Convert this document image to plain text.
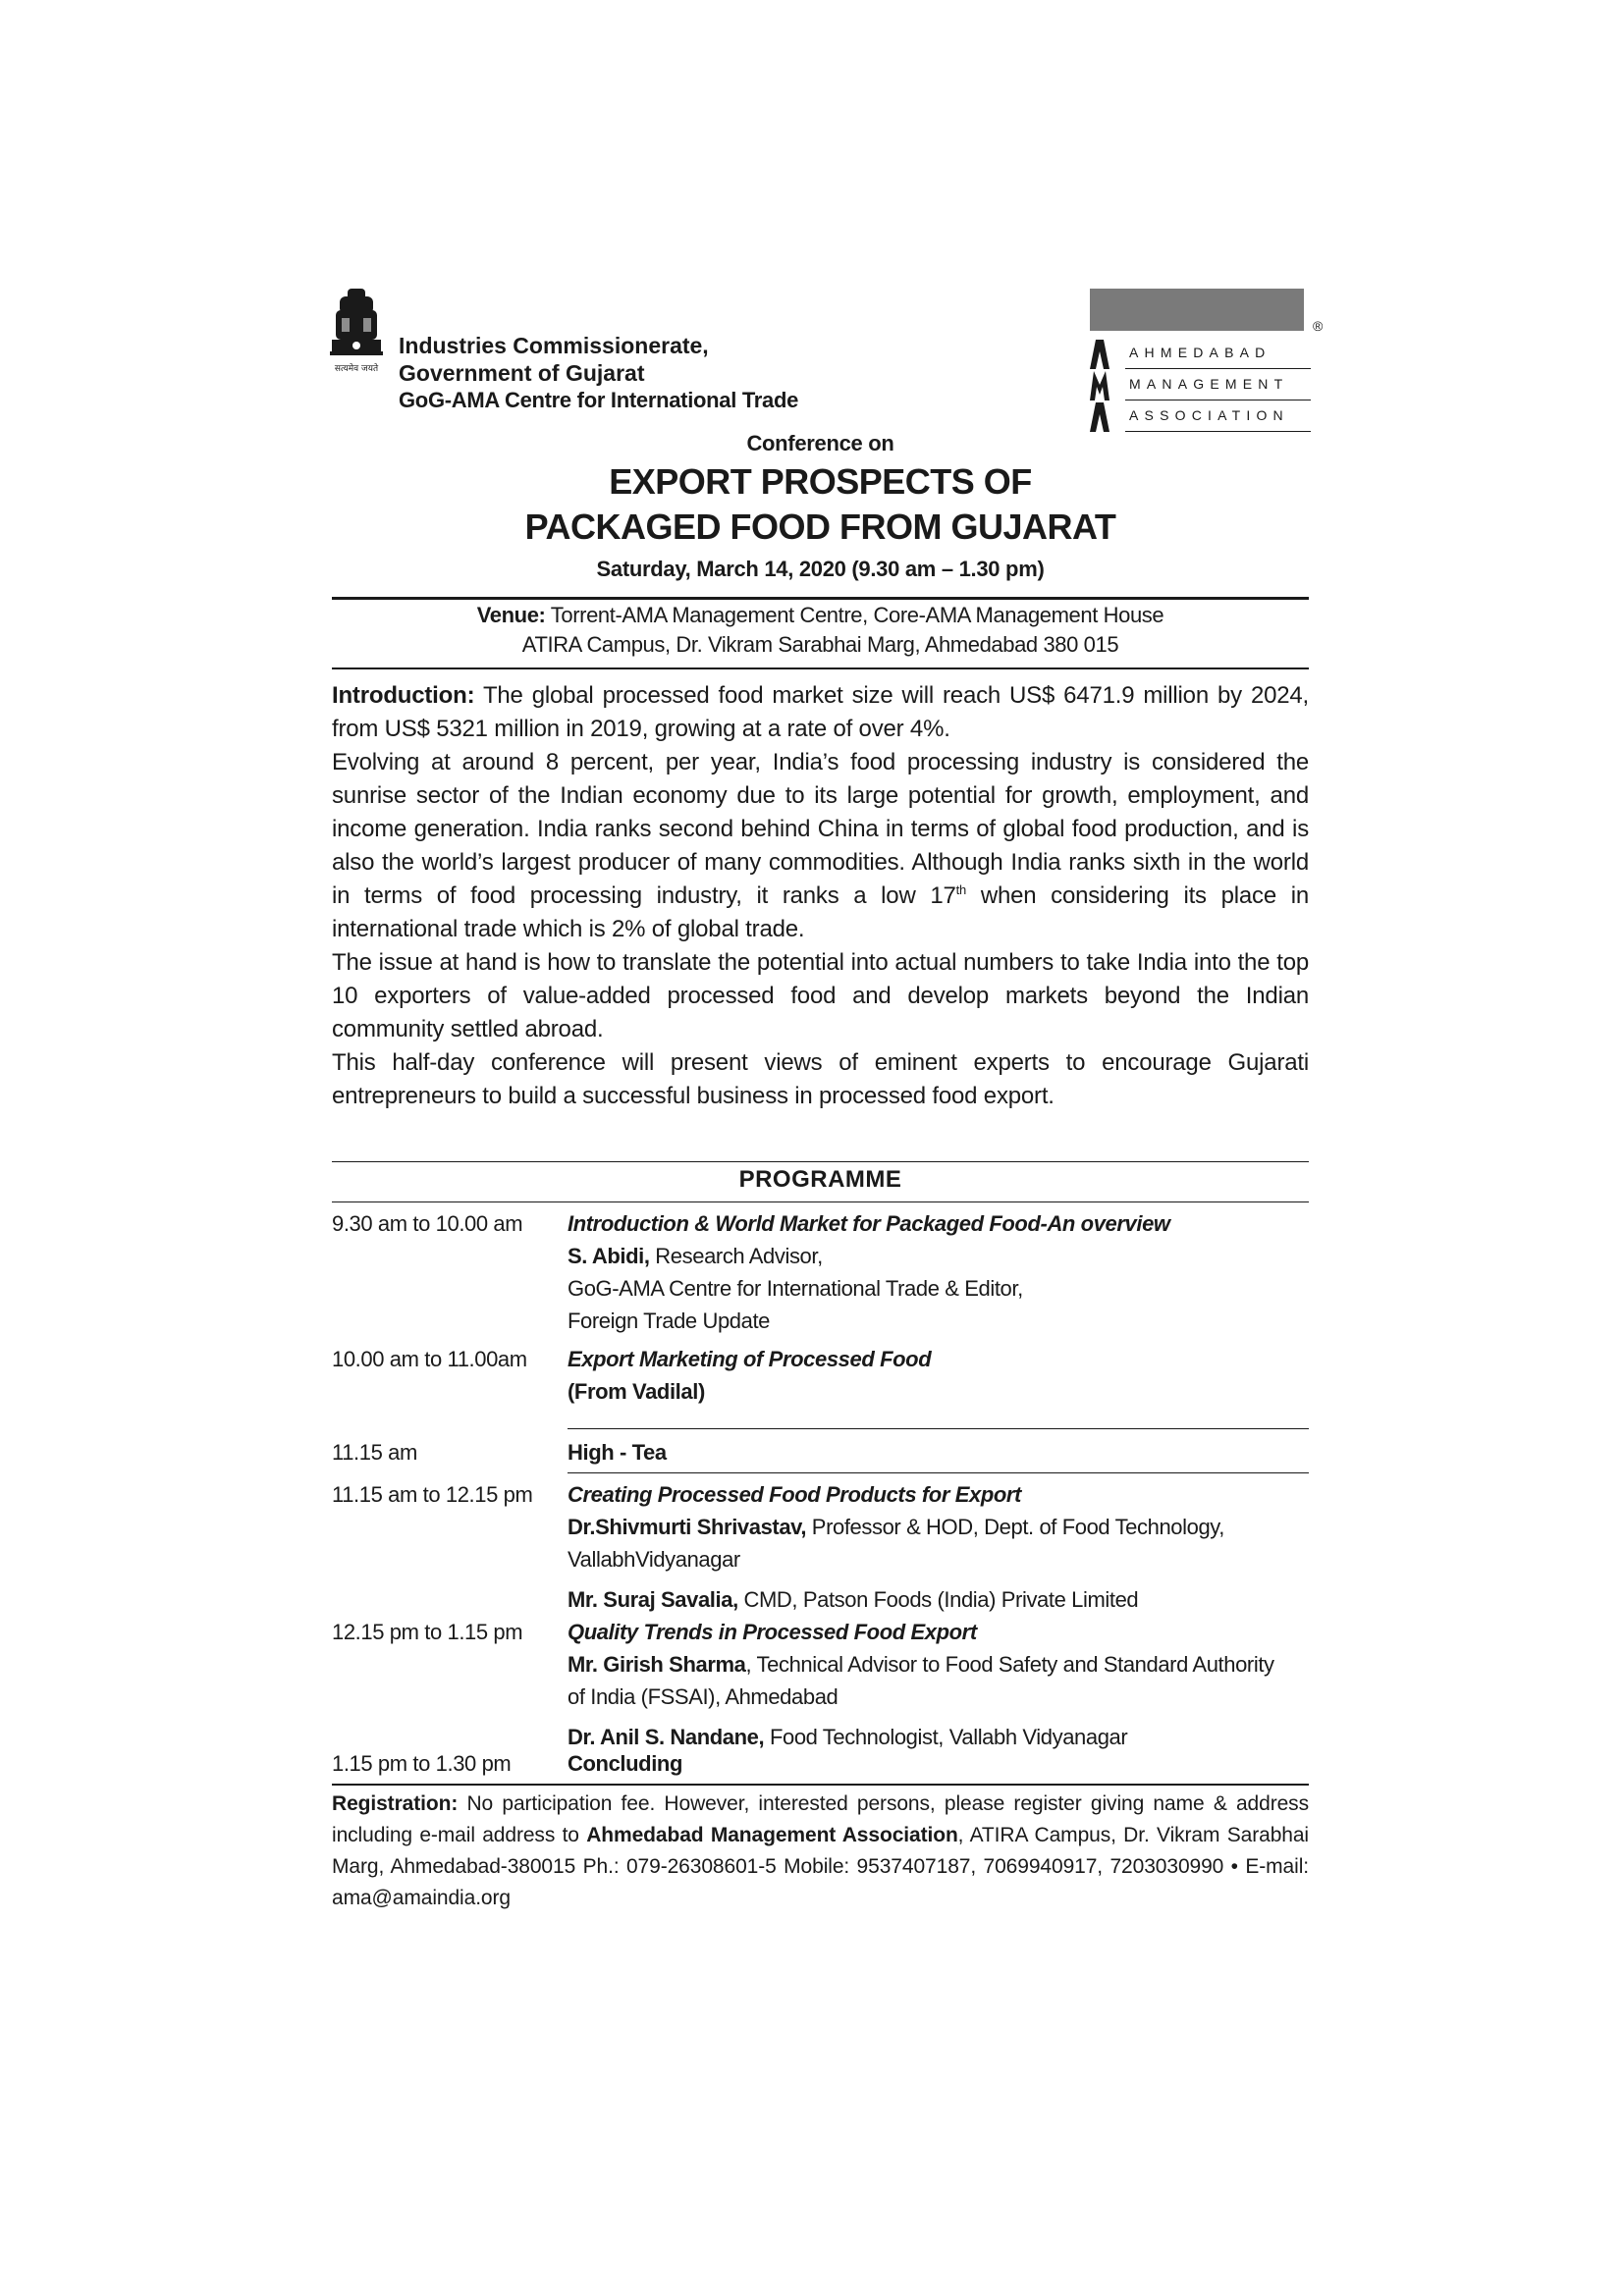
सत्यमेव जयते
Industries Commissionerate,
Government of Gujarat
GoG-AMA Centre for International Trade
®
AHMEDABAD
MANAGEMENT
ASSOCIATION
Conference on
EXPORT PROSPECTS OF
PACKAGED FOOD FROM GUJARAT
Saturday, March 14, 2020 (9.30 am – 1.30 pm)
Venue: Torrent-AMA Management Centre, Core-AMA Management House
ATIRA Campus, Dr. Vikram Sarabhai Marg, Ahmedabad 380 015

Introduction: The global processed food market size will reach US$ 6471.9 million by 2024, from US$ 5321 million in 2019, growing at a rate of over 4%.

Evolving at around 8 percent, per year, India’s food processing industry is considered the sunrise sector of the Indian economy due to its large potential for growth, employment, and income generation. India ranks second behind China in terms of global food production, and is also the world’s largest producer of many commodities. Although India ranks sixth in the world in terms of food processing industry, it ranks a low 17th when considering its place in international trade which is 2% of global trade.

The issue at hand is how to translate the potential into actual numbers to take India into the top 10 exporters of value-added processed food and develop markets beyond the Indian community settled abroad.

This half-day conference will present views of eminent experts to encourage Gujarati entrepreneurs to build a successful business in processed food export.

PROGRAMME
9.30 am to 10.00 am	Introduction & World Market for Packaged Food-An overview
S. Abidi, Research Advisor,
GoG-AMA Centre for International Trade & Editor,
Foreign Trade Update
10.00 am to 11.00am	Export Marketing of Processed Food
(From Vadilal)
11.15 am	High - Tea
11.15 am to 12.15 pm	Creating Processed Food Products for Export
Dr.Shivmurti Shrivastav, Professor & HOD, Dept. of Food Technology,
VallabhVidyanagar
Mr. Suraj Savalia, CMD, Patson Foods (India) Private Limited
12.15 pm to 1.15 pm	Quality Trends in Processed Food Export
Mr. Girish Sharma, Technical Advisor to Food Safety and Standard Authority
of India (FSSAI), Ahmedabad
Dr. Anil S. Nandane, Food Technologist, Vallabh Vidyanagar
1.15 pm to 1.30 pm	Concluding
Registration: No participation fee. However, interested persons, please register giving name & address including e-mail address to Ahmedabad Management Association, ATIRA Campus, Dr. Vikram Sarabhai Marg, Ahmedabad-380015 Ph.: 079-26308601-5 Mobile: 9537407187, 7069940917, 7203030990 • E-mail: ama@amaindia.org
